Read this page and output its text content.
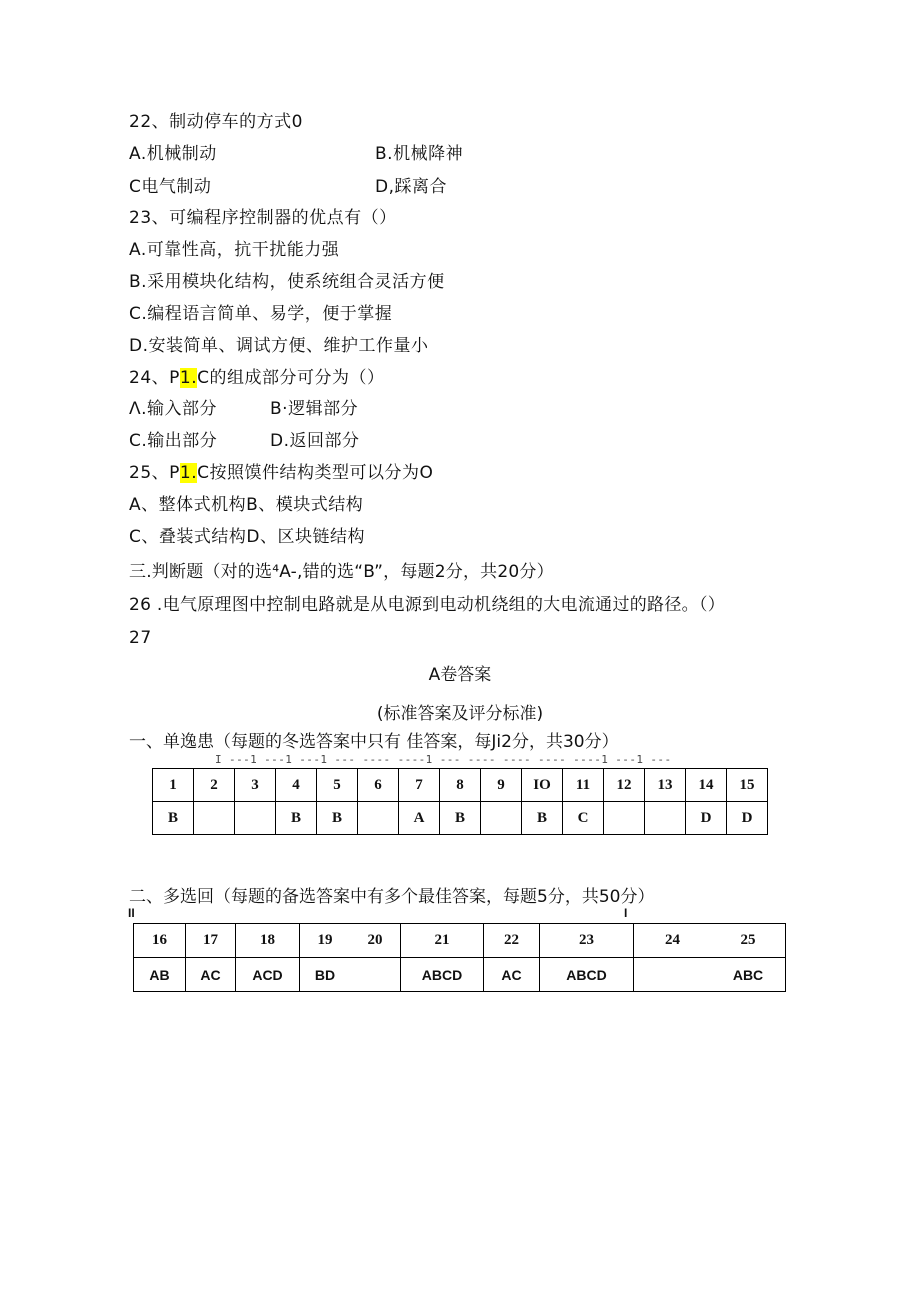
22、制动停车的方式0
A.机械制动	B.机械降神
C电气制动	D,踩离合
23、可编程序控制器的优点有（）
A.可靠性高，抗干扰能力强
B.采用模块化结构，使系统组合灵活方便
C.编程语言简单、易学，便于掌握
D.安装简单、调试方便、维护工作量小
24、P1.C的组成部分可分为（）
Λ.输入部分	B·逻辑部分
C.输出部分	D.返回部分
25、P1.C按照馍件结构类型可以分为O
A、整体式机构B、模块式结构
C、叠装式结构D、区块链结构
三.判断题（对的选⁴A-,错的选“B”，每题2分，共20分）
26 .电气原理图中控制电路就是从电源到电动机绕组的大电流通过的路径。（）
27
A卷答案
(标准答案及评分标准)
一、单逸患（每题的冬选答案中只有 佳答案，每Ji2分，共30分）
I ---1 ---1 ---1 --- ---- ----1 --- ---- ---- ---- ----1 ---1 ---
1	2	3	4	5	6	7	8	9	IO	11	12	13	14	15
B			B	B		A	B		B	C			D	D
二、多选回（每题的备选答案中有多个最佳答案，每题5分，共50分）
II	I
16	17	18	19	20	21	22	23	24	25
AB	AC	ACD	BD		ABCD	AC	ABCD		ABC
